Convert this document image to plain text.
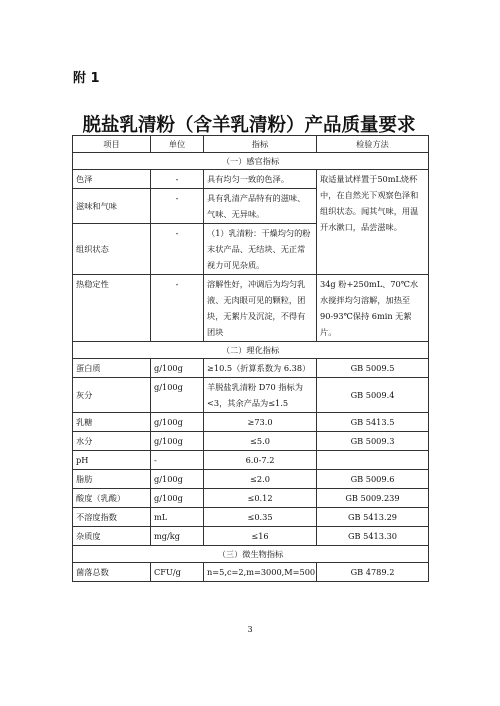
附 1
脱盐乳清粉（含羊乳清粉）产品质量要求
项目	单位	指标	检验方法
（一）感官指标			
色泽	-	具有均匀一致的色泽。	取适量试样置于50mL烧杯中，在自然光下观察色泽和组织状态。闻其气味，用温开水漱口，品尝滋味。
滋味和气味	-	具有乳清产品特有的滋味、气味、无异味。	
组织状态	-	（1）乳清粉：干燥均匀的粉末状产品、无结块、无正常视力可见杂质。	
热稳定性	-	溶解性好，冲调后为均匀乳液、无肉眼可见的颗粒，团块，无絮片及沉淀，不得有团块	34g 粉+250mL、70℃水水搅拌均匀溶解，加热至 90-93℃保持 6min 无絮片。
（二）理化指标			
蛋白质	g/100g	≥10.5（折算系数为 6.38）	GB 5009.5
灰分	g/100g	羊脱盐乳清粉 D70 指标为<3，其余产品为≤1.5	GB 5009.4
乳糖	g/100g	≥73.0	GB 5413.5
水分	g/100g	≤5.0	GB 5009.3
pH	-	6.0-7.2	
脂肪	g/100g	≤2.0	GB 5009.6
酸度（乳酸）	g/100g	≤0.12	GB 5009.239
不溶度指数	mL	≤0.35	GB 5413.29
杂质度	mg/kg	≤16	GB 5413.30
（三）微生物指标			
菌落总数	CFU/g	n=5,c=2,m=3000,M=500	GB 4789.2
3
